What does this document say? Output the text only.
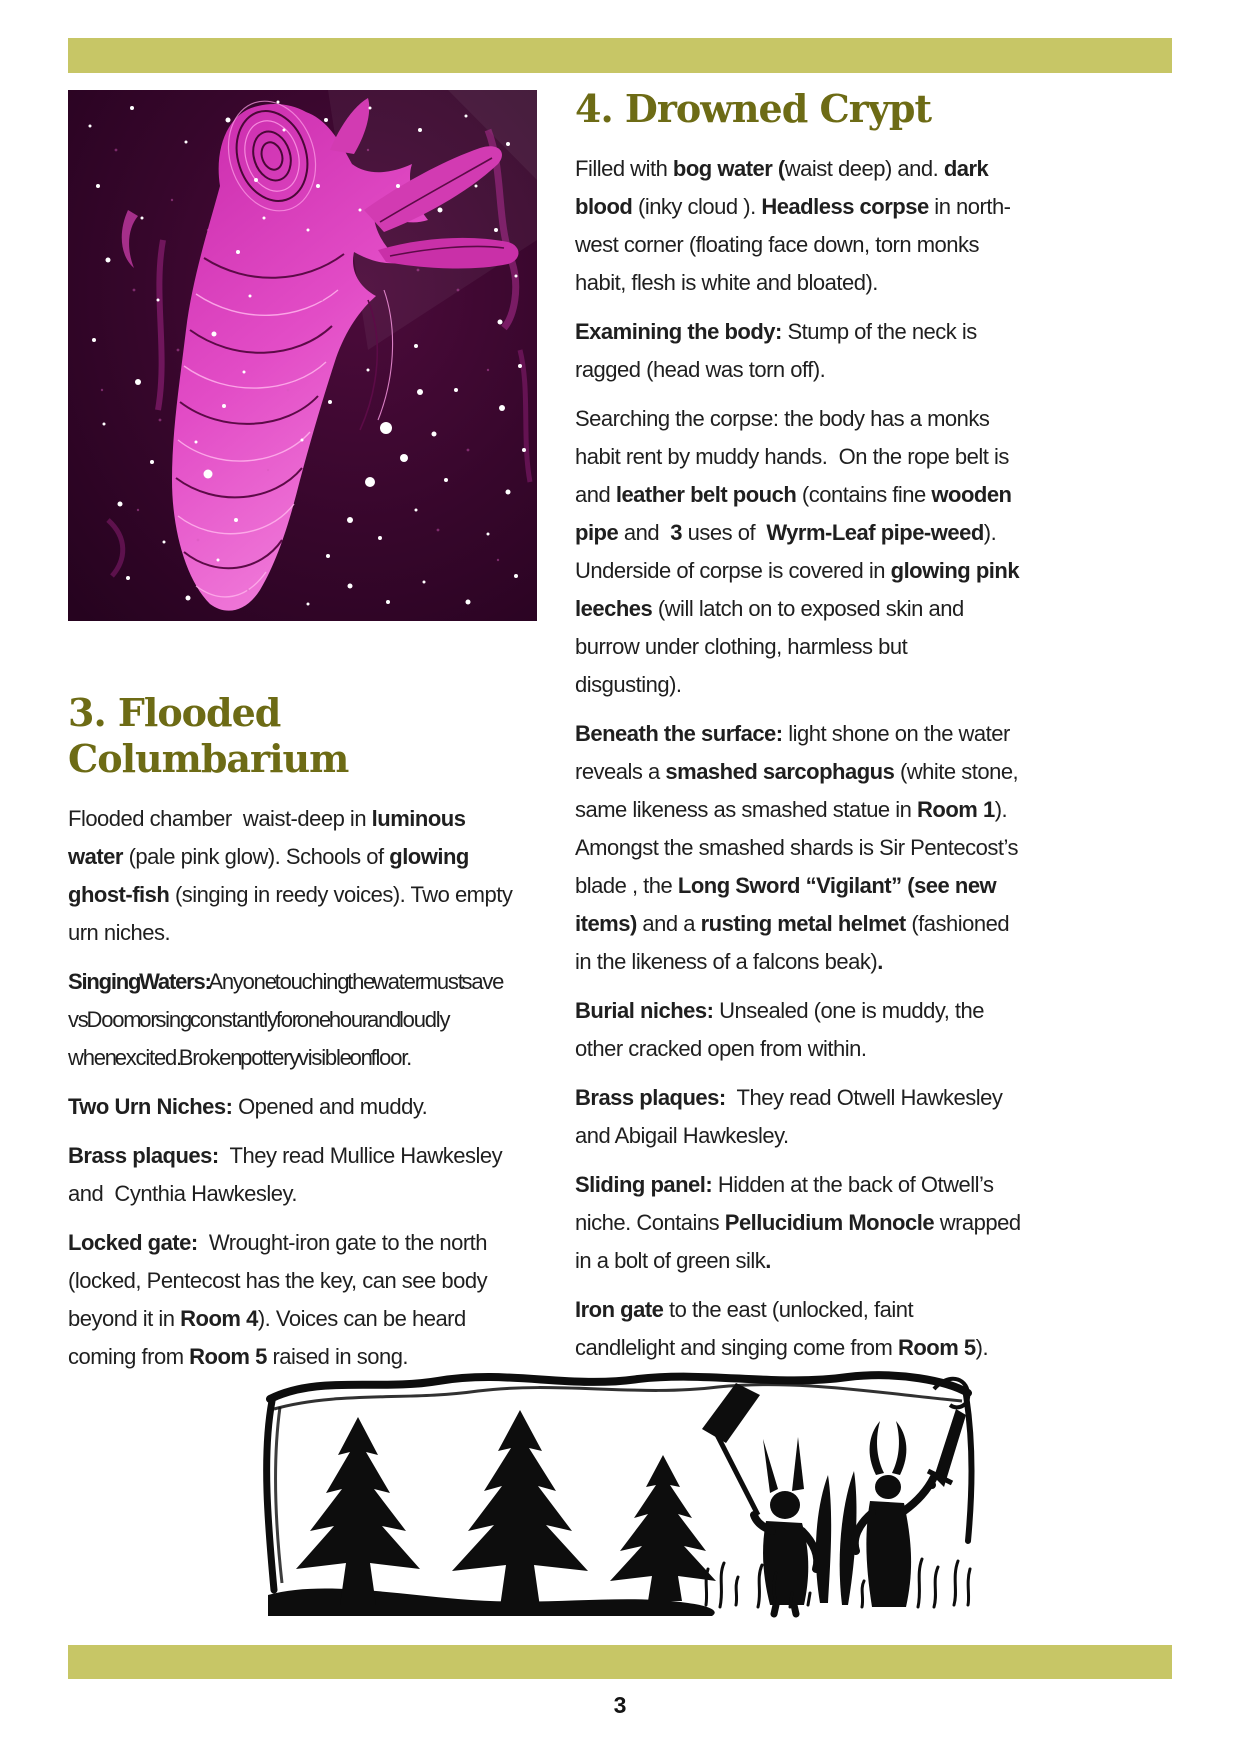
4. Drowned Crypt
Filled with bog water (waist deep) and. dark
blood (inky cloud ). Headless corpse in north-
west corner (floating face down, torn monks
habit, flesh is white and bloated).
Examining the body: Stump of the neck is
ragged (head was torn off).
Searching the corpse: the body has a monks
habit rent by muddy hands.  On the rope belt is
and leather belt pouch (contains fine wooden
pipe and  3 uses of  Wyrm-Leaf pipe-weed).
Underside of corpse is covered in glowing pink
leeches (will latch on to exposed skin and
burrow under clothing, harmless but
disgusting).
Beneath the surface: light shone on the water
reveals a smashed sarcophagus (white stone,
same likeness as smashed statue in Room 1).
Amongst the smashed shards is Sir Pentecost’s
blade , the Long Sword “Vigilant” (see new
items) and a rusting metal helmet (fashioned
in the likeness of a falcons beak).
Burial niches: Unsealed (one is muddy, the
other cracked open from within.
Brass plaques:  They read Otwell Hawkesley
and Abigail Hawkesley.
Sliding panel: Hidden at the back of Otwell’s
niche. Contains Pellucidium Monocle wrapped
in a bolt of green silk.
Iron gate to the east (unlocked, faint
candlelight and singing come from Room 5).
3. Flooded Columbarium
Flooded chamber  waist-deep in luminous
water (pale pink glow). Schools of glowing
ghost-fish (singing in reedy voices). Two empty
urn niches.
Singing Waters: Anyone touching the water must save
vs Doom or sing constantly for one hour and loudly
when excited.  Broken pottery visible on floor.
Two Urn Niches: Opened and muddy.
Brass plaques:  They read Mullice Hawkesley
and  Cynthia Hawkesley.
Locked gate:  Wrought-iron gate to the north
(locked, Pentecost has the key, can see body
beyond it in Room 4). Voices can be heard
coming from Room 5 raised in song.
3
